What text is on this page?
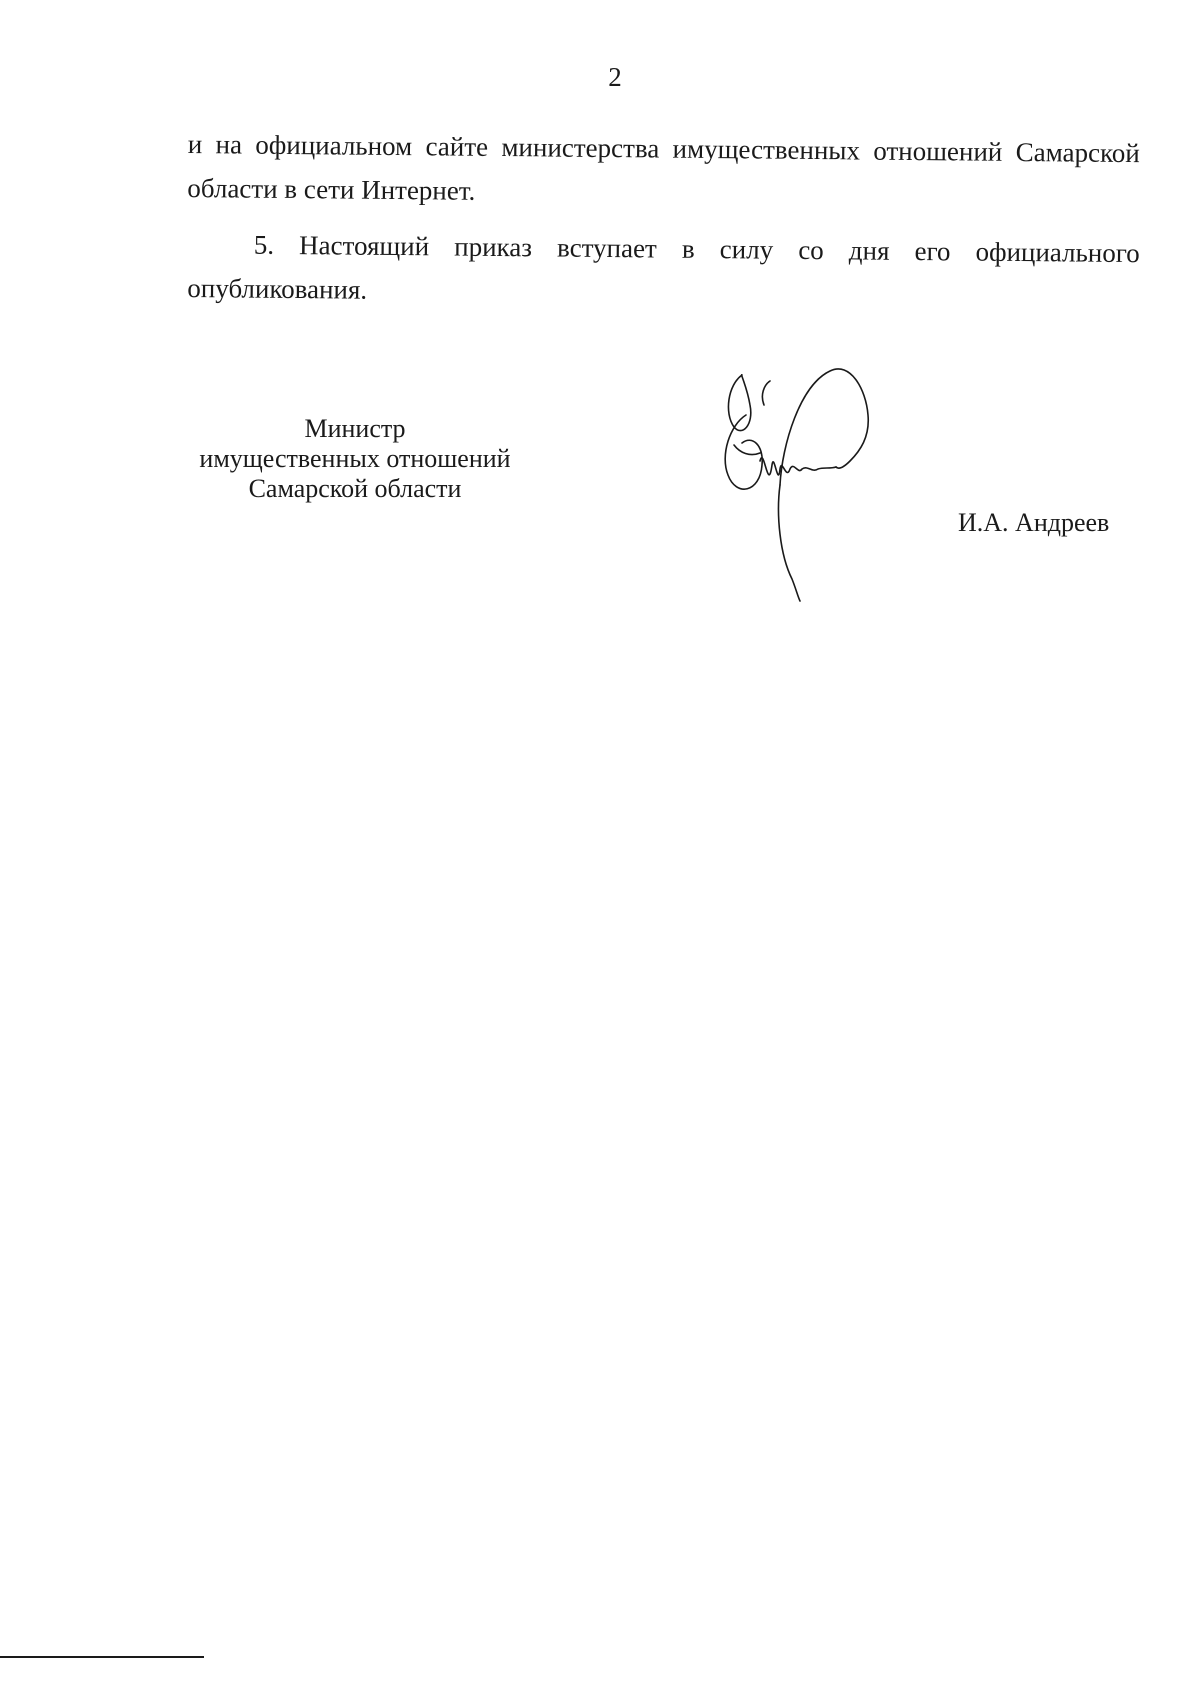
2

и на официальном сайте министерства имущественных отношений Самарской области в сети Интернет.

5. Настоящий приказ вступает в силу со дня его официального опубликования.

Министр
имущественных отношений
Самарской области
И.А. Андреев
